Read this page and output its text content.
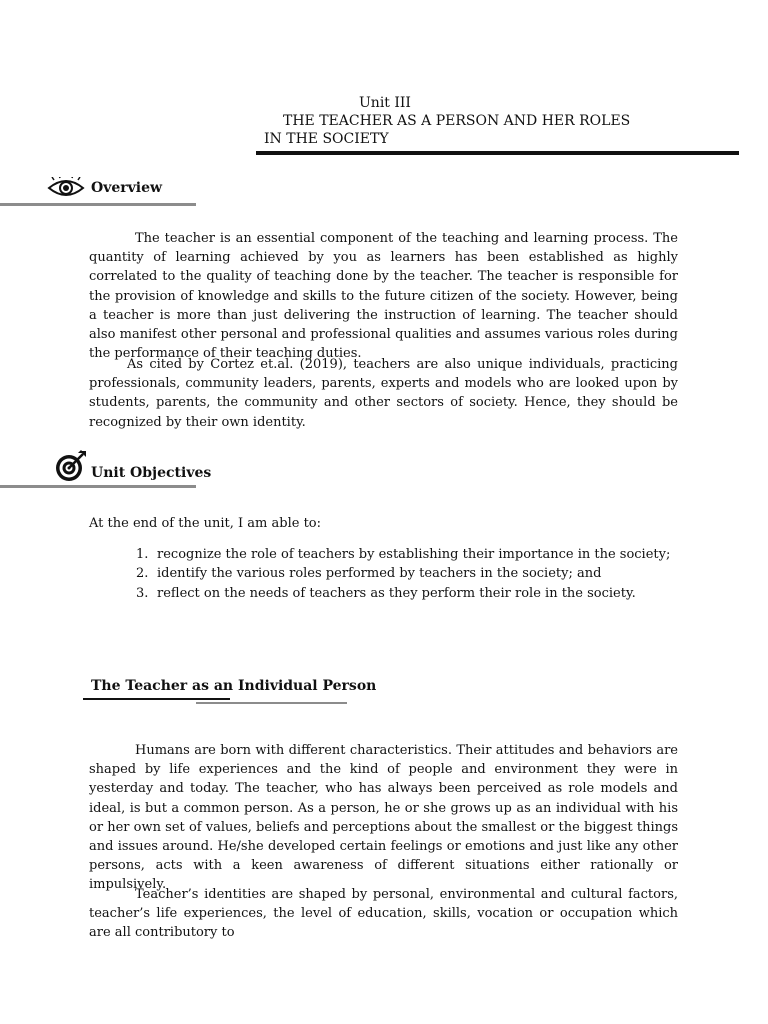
Unit III
THE TEACHER AS A PERSON AND HER ROLES
IN THE SOCIETY
Overview
The teacher is an essential component of the teaching and learning process. The quantity of learning achieved by you as learners has been established as highly correlated to the quality of teaching done by the teacher. The teacher is responsible for the provision of knowledge and skills to the future citizen of the society. However, being a teacher is more than just delivering the instruction of learning. The teacher should also manifest other personal and professional qualities and assumes various roles during the performance of their teaching duties.
As cited by Cortez et.al. (2019), teachers are also unique individuals, practicing professionals, community leaders, parents, experts and models who are looked upon by students, parents, the community and other sectors of society. Hence, they should be recognized by their own identity.
Unit Objectives
At the end of the unit, I am able to:
1. recognize the role of teachers by establishing their importance in the society;
2. identify the various roles performed by teachers in the society; and
3. reflect on the needs of teachers as they perform their role in the society.
The Teacher as an Individual Person
Humans are born with different characteristics. Their attitudes and behaviors are shaped by life experiences and the kind of people and environment they were in yesterday and today. The teacher, who has always been perceived as role models and ideal, is but a common person. As a person, he or she grows up as an individual with his or her own set of values, beliefs and perceptions about the smallest or the biggest things and issues around. He/she developed certain feelings or emotions and just like any other persons, acts with a keen awareness of different situations either rationally or impulsively.
Teacher’s identities are shaped by personal, environmental and cultural factors, teacher’s life experiences, the level of education, skills, vocation or occupation which are all contributory to
